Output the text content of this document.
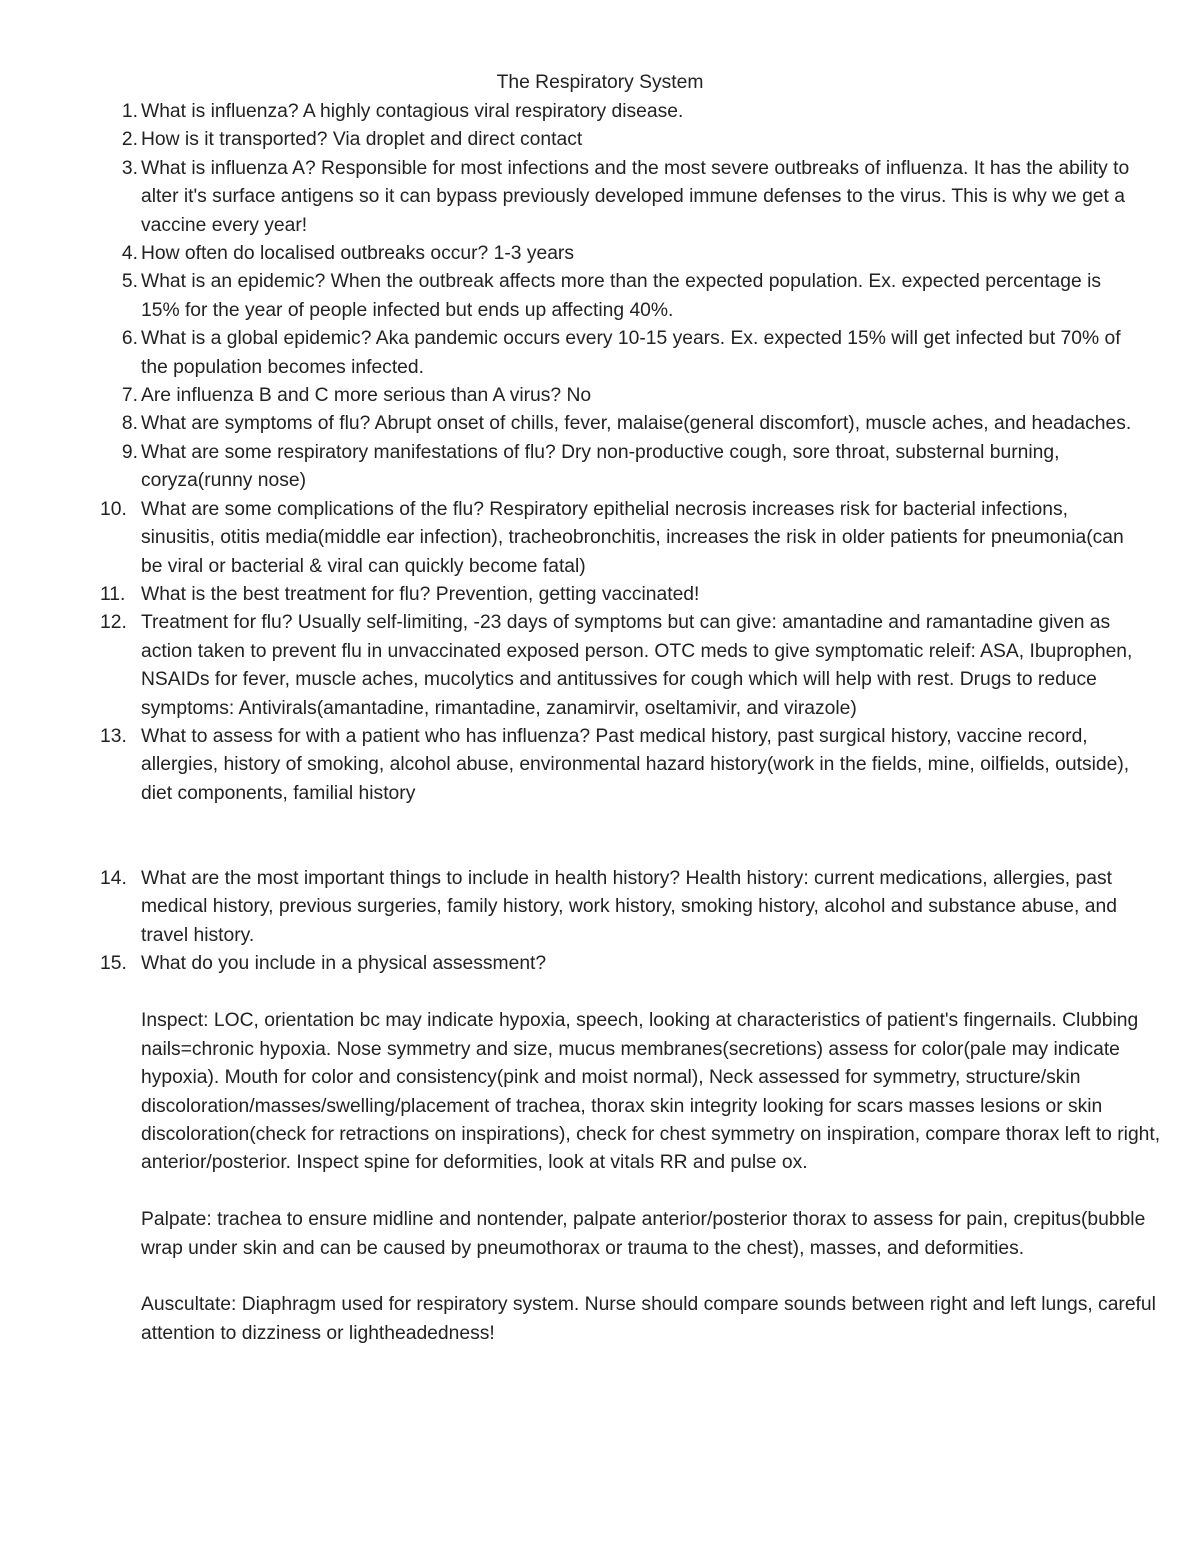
The Respiratory System
1. What is influenza? A highly contagious viral respiratory disease.
2. How is it transported? Via droplet and direct contact
3. What is influenza A? Responsible for most infections and the most severe outbreaks of influenza. It has the ability to alter it's surface antigens so it can bypass previously developed immune defenses to the virus. This is why we get a vaccine every year!
4. How often do localised outbreaks occur? 1-3 years
5. What is an epidemic? When the outbreak affects more than the expected population. Ex. expected percentage is 15% for the year of people infected but ends up affecting 40%.
6. What is a global epidemic? Aka pandemic occurs every 10-15 years. Ex. expected 15% will get infected but 70% of the population becomes infected.
7. Are influenza B and C more serious than A virus? No
8. What are symptoms of flu? Abrupt onset of chills, fever, malaise(general discomfort), muscle aches, and headaches.
9. What are some respiratory manifestations of flu? Dry non-productive cough, sore throat, substernal burning, coryza(runny nose)
10. What are some complications of the flu? Respiratory epithelial necrosis increases risk for bacterial infections, sinusitis, otitis media(middle ear infection), tracheobronchitis, increases the risk in older patients for pneumonia(can be viral or bacterial & viral can quickly become fatal)
11. What is the best treatment for flu? Prevention, getting vaccinated!
12. Treatment for flu? Usually self-limiting, -23 days of symptoms but can give: amantadine and ramantadine given as action taken to prevent flu in unvaccinated exposed person. OTC meds to give symptomatic releif: ASA, Ibuprophen, NSAIDs for fever, muscle aches, mucolytics and antitussives for cough which will help with rest. Drugs to reduce symptoms: Antivirals(amantadine, rimantadine, zanamirvir, oseltamivir, and virazole)
13. What to assess for with a patient who has influenza? Past medical history, past surgical history, vaccine record, allergies, history of smoking, alcohol abuse, environmental hazard history(work in the fields, mine, oilfields, outside), diet components, familial history
14. What are the most important things to include in health history? Health history: current medications, allergies, past medical history, previous surgeries, family history, work history, smoking history, alcohol and substance abuse, and travel history.
15. What do you include in a physical assessment?

Inspect: LOC, orientation bc may indicate hypoxia, speech, looking at characteristics of patient's fingernails. Clubbing nails=chronic hypoxia. Nose symmetry and size, mucus membranes(secretions) assess for color(pale may indicate hypoxia). Mouth for color and consistency(pink and moist normal), Neck assessed for symmetry, structure/skin discoloration/masses/swelling/placement of trachea, thorax skin integrity looking for scars masses lesions or skin discoloration(check for retractions on inspirations), check for chest symmetry on inspiration, compare thorax left to right, anterior/posterior. Inspect spine for deformities, look at vitals RR and pulse ox.

Palpate: trachea to ensure midline and nontender, palpate anterior/posterior thorax to assess for pain, crepitus(bubble wrap under skin and can be caused by pneumothorax or trauma to the chest), masses, and deformities.

Auscultate: Diaphragm used for respiratory system. Nurse should compare sounds between right and left lungs, careful attention to dizziness or lightheadedness!
